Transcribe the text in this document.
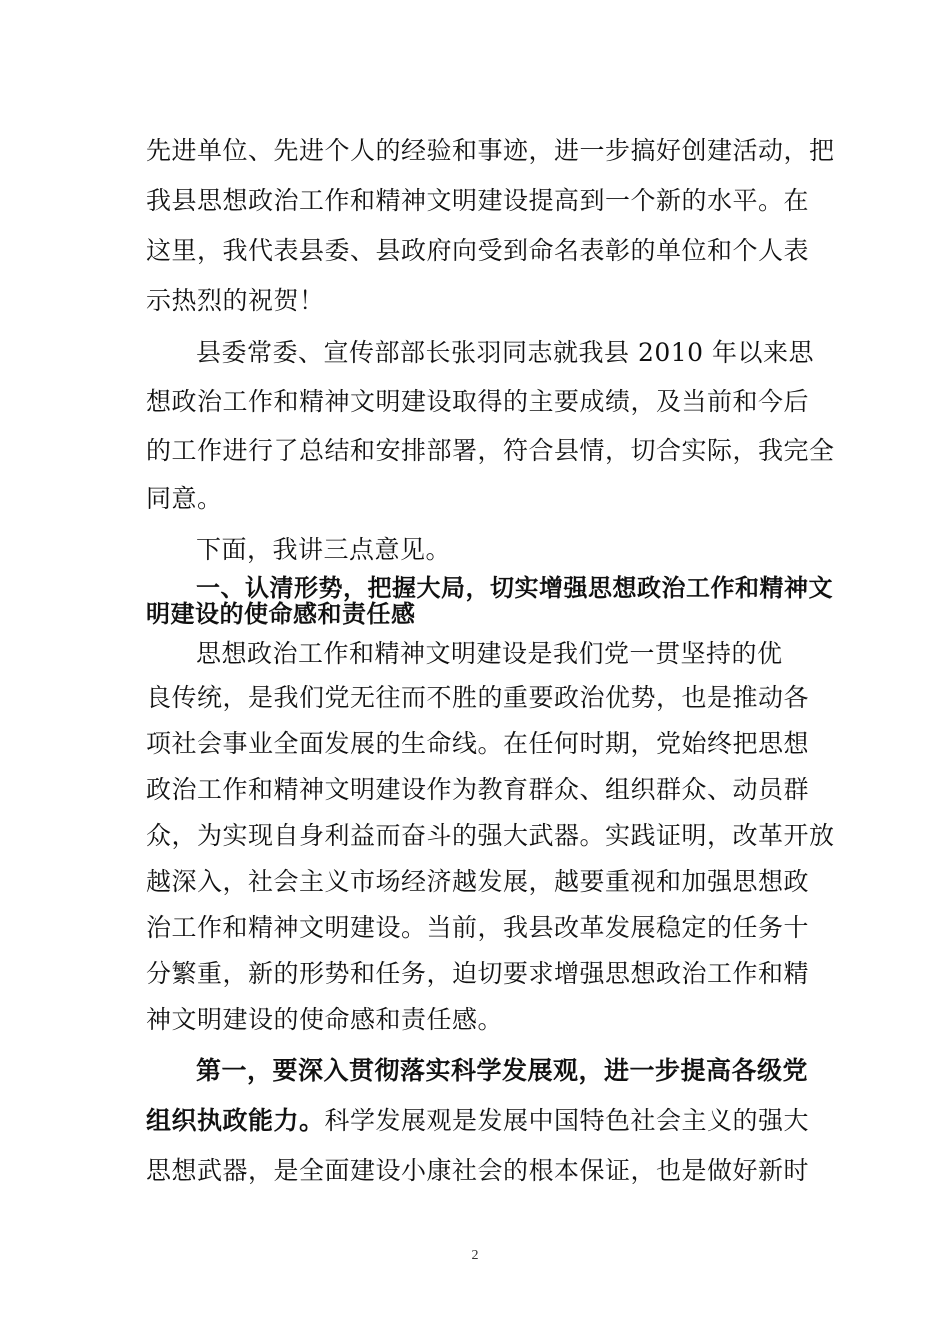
先进单位、先进个人的经验和事迹，进一步搞好创建活动，把
我县思想政治工作和精神文明建设提高到一个新的水平。在
这里，我代表县委、县政府向受到命名表彰的单位和个人表
示热烈的祝贺！
县委常委、宣传部部长张羽同志就我县 2010 年以来思
想政治工作和精神文明建设取得的主要成绩，及当前和今后
的工作进行了总结和安排部署，符合县情，切合实际，我完全
同意。
下面，我讲三点意见。
一、认清形势，把握大局，切实增强思想政治工作和精神文
明建设的使命感和责任感
思想政治工作和精神文明建设是我们党一贯坚持的优
良传统，是我们党无往而不胜的重要政治优势，也是推动各
项社会事业全面发展的生命线。在任何时期，党始终把思想
政治工作和精神文明建设作为教育群众、组织群众、动员群
众，为实现自身利益而奋斗的强大武器。实践证明，改革开放
越深入，社会主义市场经济越发展，越要重视和加强思想政
治工作和精神文明建设。当前，我县改革发展稳定的任务十
分繁重，新的形势和任务，迫切要求增强思想政治工作和精
神文明建设的使命感和责任感。
第一，要深入贯彻落实科学发展观，进一步提高各级党
组织执政能力。科学发展观是发展中国特色社会主义的强大
思想武器，是全面建设小康社会的根本保证，也是做好新时
2
